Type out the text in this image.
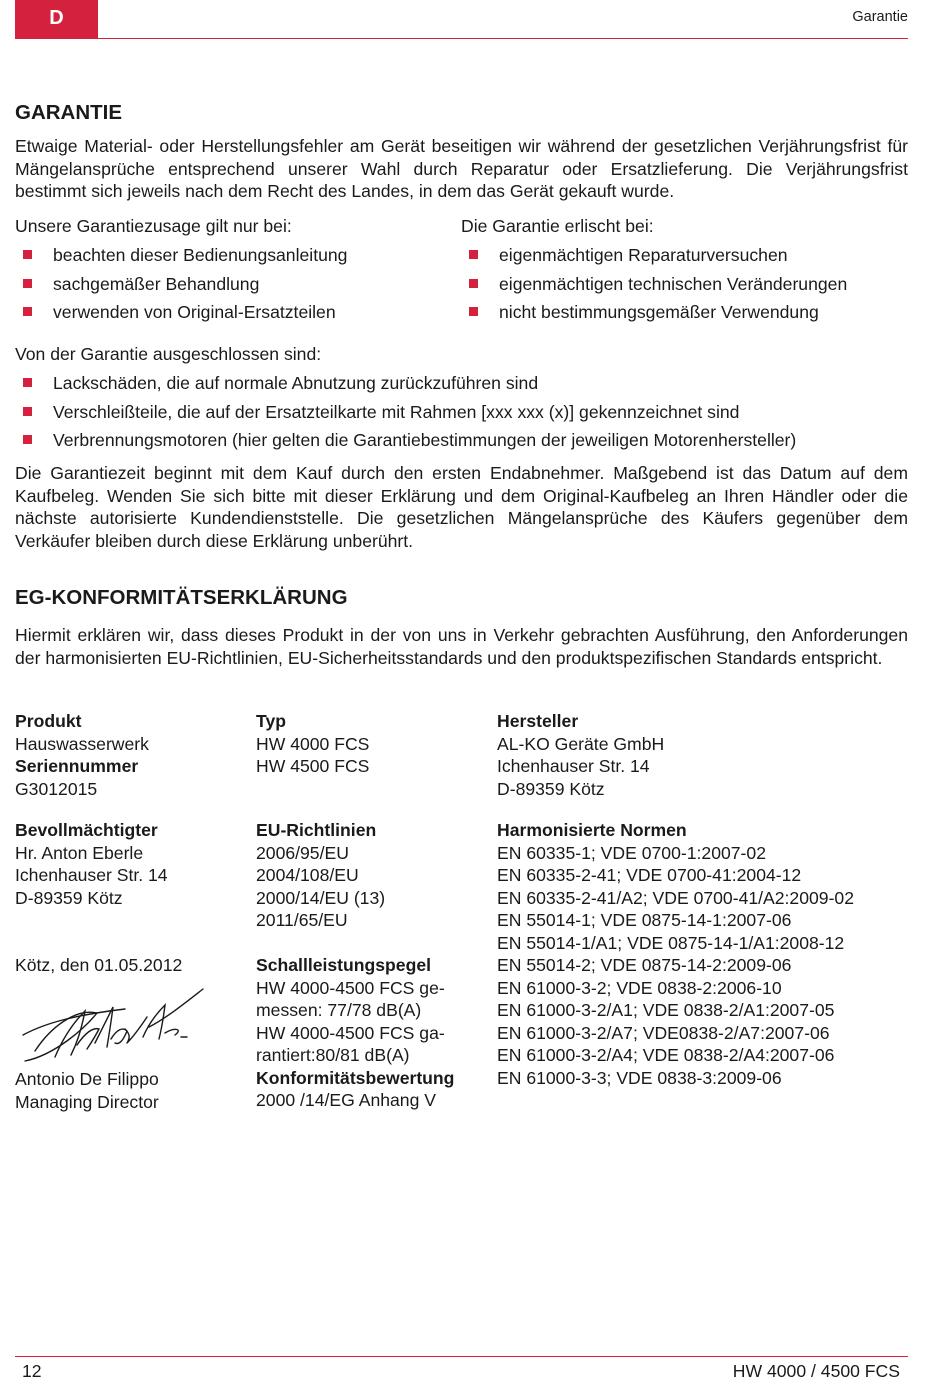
D	Garantie
GARANTIE

Etwaige Material- oder Herstellungsfehler am Gerät beseitigen wir während der gesetzlichen Verjährungsfrist für Mängelansprüche entsprechend unserer Wahl durch Reparatur oder Ersatzlieferung. Die Verjährungsfrist bestimmt sich jeweils nach dem Recht des Landes, in dem das Gerät gekauft wurde.

Unsere Garantiezusage gilt nur bei:

beachten dieser Bedienungsanleitung
sachgemäßer Behandlung
verwenden von Original-Ersatzteilen

Die Garantie erlischt bei:

eigenmächtigen Reparaturversuchen
eigenmächtigen technischen Veränderungen
nicht bestimmungsgemäßer Verwendung

Von der Garantie ausgeschlossen sind:

Lackschäden, die auf normale Abnutzung zurückzuführen sind
Verschleißteile, die auf der Ersatzteilkarte mit Rahmen [xxx xxx (x)] gekennzeichnet sind
Verbrennungsmotoren (hier gelten die Garantiebestimmungen der jeweiligen Motorenhersteller)

Die Garantiezeit beginnt mit dem Kauf durch den ersten Endabnehmer. Maßgebend ist das Datum auf dem Kaufbeleg. Wenden Sie sich bitte mit dieser Erklärung und dem Original-Kaufbeleg an Ihren Händler oder die nächste autorisierte Kundendienststelle. Die gesetzlichen Mängelansprüche des Käufers gegenüber dem Verkäufer bleiben durch diese Erklärung unberührt.

EG-KONFORMITÄTSERKLÄRUNG

Hiermit erklären wir, dass dieses Produkt in der von uns in Verkehr gebrachten Ausführung, den Anforderungen der harmonisierten EU-Richtlinien, EU-Sicherheitsstandards und den produktspezifischen Standards entspricht.

Produkt
Hauswasserwerk
Seriennummer
G3012015
Bevollmächtigter
Hr. Anton Eberle
Ichenhauser Str. 14
D-89359 Kötz
Kötz, den 01.05.2012
Antonio De Filippo
Managing Director
Typ
HW 4000 FCS
HW 4500 FCS

EU-Richtlinien
2006/95/EU
2004/108/EU
2000/14/EU (13)
2011/65/EU

Schallleistungspegel
HW 4000-4500 FCS ge-
messen: 77/78 dB(A)
HW 4000-4500 FCS ga-
rantiert:80/81 dB(A)
Konformitätsbewertung
2000 /14/EG Anhang V
Hersteller
AL-KO Geräte GmbH
Ichenhauser Str. 14
D-89359 Kötz
Harmonisierte Normen
EN 60335-1; VDE 0700-1:2007-02
EN 60335-2-41; VDE 0700-41:2004-12
EN 60335-2-41/A2; VDE 0700-41/A2:2009-02
EN 55014-1; VDE 0875-14-1:2007-06
EN 55014-1/A1; VDE 0875-14-1/A1:2008-12
EN 55014-2; VDE 0875-14-2:2009-06
EN 61000-3-2; VDE 0838-2:2006-10
EN 61000-3-2/A1; VDE 0838-2/A1:2007-05
EN 61000-3-2/A7; VDE0838-2/A7:2007-06
EN 61000-3-2/A4; VDE 0838-2/A4:2007-06
EN 61000-3-3; VDE 0838-3:2009-06
12	HW 4000 / 4500 FCS
